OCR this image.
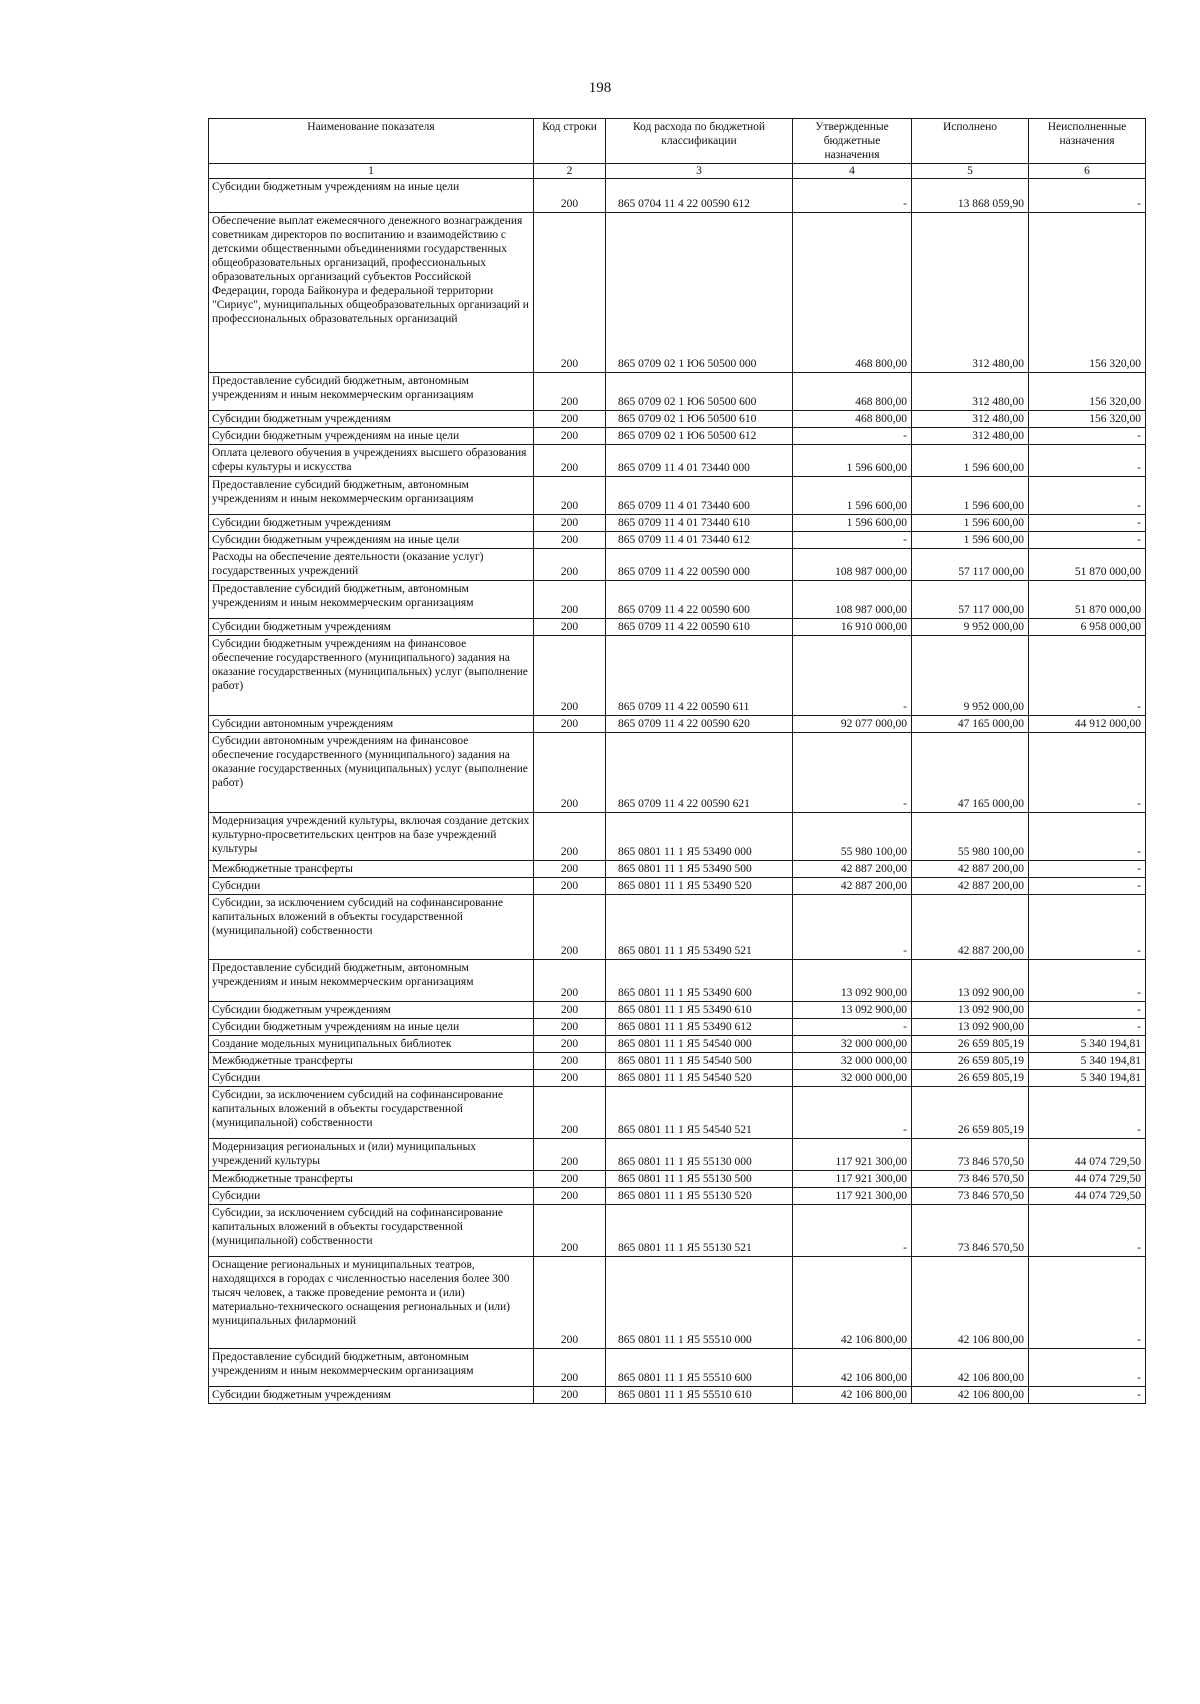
198
Наименование показателя	Код строки	Код расхода по бюджетной классификации	Утвержденные бюджетные назначения	Исполнено	Неисполненные назначения
1	2	3	4	5	6
Субсидии бюджетным учреждениям на иные цели	200	865 0704 11 4 22 00590 612	-	13 868 059,90	-
Обеспечение выплат ежемесячного денежного вознаграждения советникам директоров по воспитанию и взаимодействию с детскими общественными объединениями государственных общеобразовательных организаций, профессиональных образовательных организаций субъектов Российской Федерации, города Байконура и федеральной территории "Сириус", муниципальных общеобразовательных организаций и профессиональных образовательных организаций	200	865 0709 02 1 Ю6 50500 000	468 800,00	312 480,00	156 320,00
Предоставление субсидий бюджетным, автономным учреждениям и иным некоммерческим организациям	200	865 0709 02 1 Ю6 50500 600	468 800,00	312 480,00	156 320,00
Субсидии бюджетным учреждениям	200	865 0709 02 1 Ю6 50500 610	468 800,00	312 480,00	156 320,00
Субсидии бюджетным учреждениям на иные цели	200	865 0709 02 1 Ю6 50500 612	-	312 480,00	-
Оплата целевого обучения в учреждениях высшего образования сферы культуры и искусства	200	865 0709 11 4 01 73440 000	1 596 600,00	1 596 600,00	-
Предоставление субсидий бюджетным, автономным учреждениям и иным некоммерческим организациям	200	865 0709 11 4 01 73440 600	1 596 600,00	1 596 600,00	-
Субсидии бюджетным учреждениям	200	865 0709 11 4 01 73440 610	1 596 600,00	1 596 600,00	-
Субсидии бюджетным учреждениям на иные цели	200	865 0709 11 4 01 73440 612	-	1 596 600,00	-
Расходы на обеспечение деятельности (оказание услуг) государственных учреждений	200	865 0709 11 4 22 00590 000	108 987 000,00	57 117 000,00	51 870 000,00
Предоставление субсидий бюджетным, автономным учреждениям и иным некоммерческим организациям	200	865 0709 11 4 22 00590 600	108 987 000,00	57 117 000,00	51 870 000,00
Субсидии бюджетным учреждениям	200	865 0709 11 4 22 00590 610	16 910 000,00	9 952 000,00	6 958 000,00
Субсидии бюджетным учреждениям на финансовое обеспечение государственного (муниципального) задания на оказание государственных (муниципальных) услуг (выполнение работ)	200	865 0709 11 4 22 00590 611	-	9 952 000,00	-
Субсидии автономным учреждениям	200	865 0709 11 4 22 00590 620	92 077 000,00	47 165 000,00	44 912 000,00
Субсидии автономным учреждениям на финансовое обеспечение государственного (муниципального) задания на оказание государственных (муниципальных) услуг (выполнение работ)	200	865 0709 11 4 22 00590 621	-	47 165 000,00	-
Модернизация учреждений культуры, включая создание детских культурно-просветительских центров на базе учреждений культуры	200	865 0801 11 1 Я5 53490 000	55 980 100,00	55 980 100,00	-
Межбюджетные трансферты	200	865 0801 11 1 Я5 53490 500	42 887 200,00	42 887 200,00	-
Субсидии	200	865 0801 11 1 Я5 53490 520	42 887 200,00	42 887 200,00	-
Субсидии, за исключением субсидий на софинансирование капитальных вложений в объекты государственной (муниципальной) собственности	200	865 0801 11 1 Я5 53490 521	-	42 887 200,00	-
Предоставление субсидий бюджетным, автономным учреждениям и иным некоммерческим организациям	200	865 0801 11 1 Я5 53490 600	13 092 900,00	13 092 900,00	-
Субсидии бюджетным учреждениям	200	865 0801 11 1 Я5 53490 610	13 092 900,00	13 092 900,00	-
Субсидии бюджетным учреждениям на иные цели	200	865 0801 11 1 Я5 53490 612	-	13 092 900,00	-
Создание модельных муниципальных библиотек	200	865 0801 11 1 Я5 54540 000	32 000 000,00	26 659 805,19	5 340 194,81
Межбюджетные трансферты	200	865 0801 11 1 Я5 54540 500	32 000 000,00	26 659 805,19	5 340 194,81
Субсидии	200	865 0801 11 1 Я5 54540 520	32 000 000,00	26 659 805,19	5 340 194,81
Субсидии, за исключением субсидий на софинансирование капитальных вложений в объекты государственной (муниципальной) собственности	200	865 0801 11 1 Я5 54540 521	-	26 659 805,19	-
Модернизация региональных и (или) муниципальных учреждений культуры	200	865 0801 11 1 Я5 55130 000	117 921 300,00	73 846 570,50	44 074 729,50
Межбюджетные трансферты	200	865 0801 11 1 Я5 55130 500	117 921 300,00	73 846 570,50	44 074 729,50
Субсидии	200	865 0801 11 1 Я5 55130 520	117 921 300,00	73 846 570,50	44 074 729,50
Субсидии, за исключением субсидий на софинансирование капитальных вложений в объекты государственной (муниципальной) собственности	200	865 0801 11 1 Я5 55130 521	-	73 846 570,50	-
Оснащение региональных и муниципальных театров, находящихся в городах с численностью населения более 300 тысяч человек, а также проведение ремонта и (или) материально-технического оснащения региональных и (или) муниципальных филармоний	200	865 0801 11 1 Я5 55510 000	42 106 800,00	42 106 800,00	-
Предоставление субсидий бюджетным, автономным учреждениям и иным некоммерческим организациям	200	865 0801 11 1 Я5 55510 600	42 106 800,00	42 106 800,00	-
Субсидии бюджетным учреждениям	200	865 0801 11 1 Я5 55510 610	42 106 800,00	42 106 800,00	-
